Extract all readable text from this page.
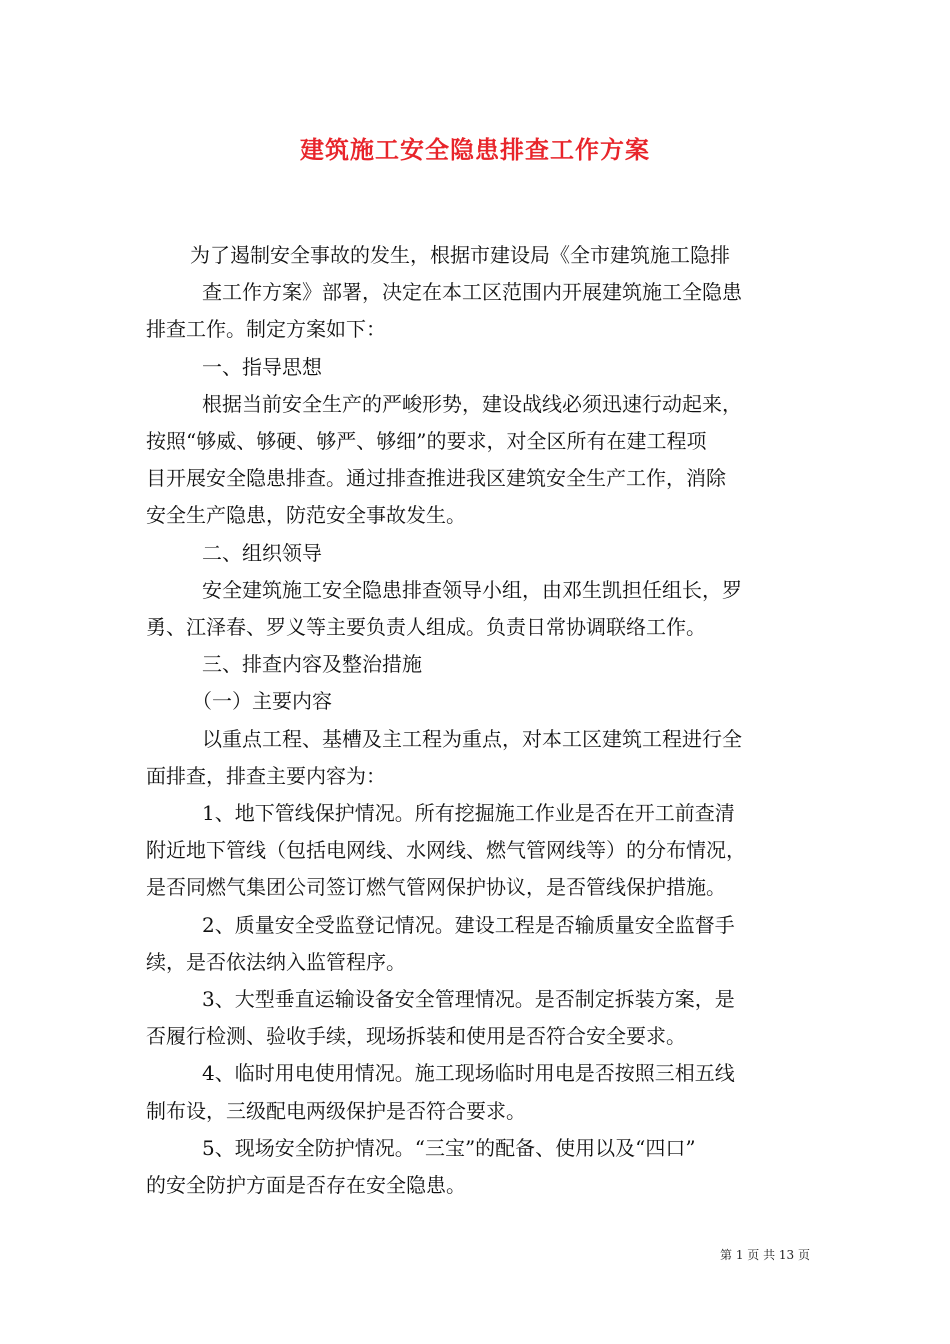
建筑施工安全隐患排查工作方案

为了遏制安全事故的发生，根据市建设局《全市建筑施工隐排

查工作方案》部署，决定在本工区范围内开展建筑施工全隐患

排查工作。制定方案如下：

一、指导思想

根据当前安全生产的严峻形势，建设战线必须迅速行动起来，

按照“够威、够硬、够严、够细”的要求，对全区所有在建工程项

目开展安全隐患排查。通过排查推进我区建筑安全生产工作，消除

安全生产隐患，防范安全事故发生。

二、组织领导

安全建筑施工安全隐患排查领导小组，由邓生凯担任组长，罗

勇、江泽春、罗义等主要负责人组成。负责日常协调联络工作。

三、排查内容及整治措施

（一）主要内容

以重点工程、基槽及主工程为重点，对本工区建筑工程进行全

面排查，排查主要内容为：

1、地下管线保护情况。所有挖掘施工作业是否在开工前查清

附近地下管线（包括电网线、水网线、燃气管网线等）的分布情况，

是否同燃气集团公司签订燃气管网保护协议，是否管线保护措施。

2、质量安全受监登记情况。建设工程是否输质量安全监督手

续，是否依法纳入监管程序。

3、大型垂直运输设备安全管理情况。是否制定拆装方案，是

否履行检测、验收手续，现场拆装和使用是否符合安全要求。

4、临时用电使用情况。施工现场临时用电是否按照三相五线

制布设，三级配电两级保护是否符合要求。

5、现场安全防护情况。“三宝”的配备、使用以及“四口”

的安全防护方面是否存在安全隐患。

第 1 页 共 13 页
